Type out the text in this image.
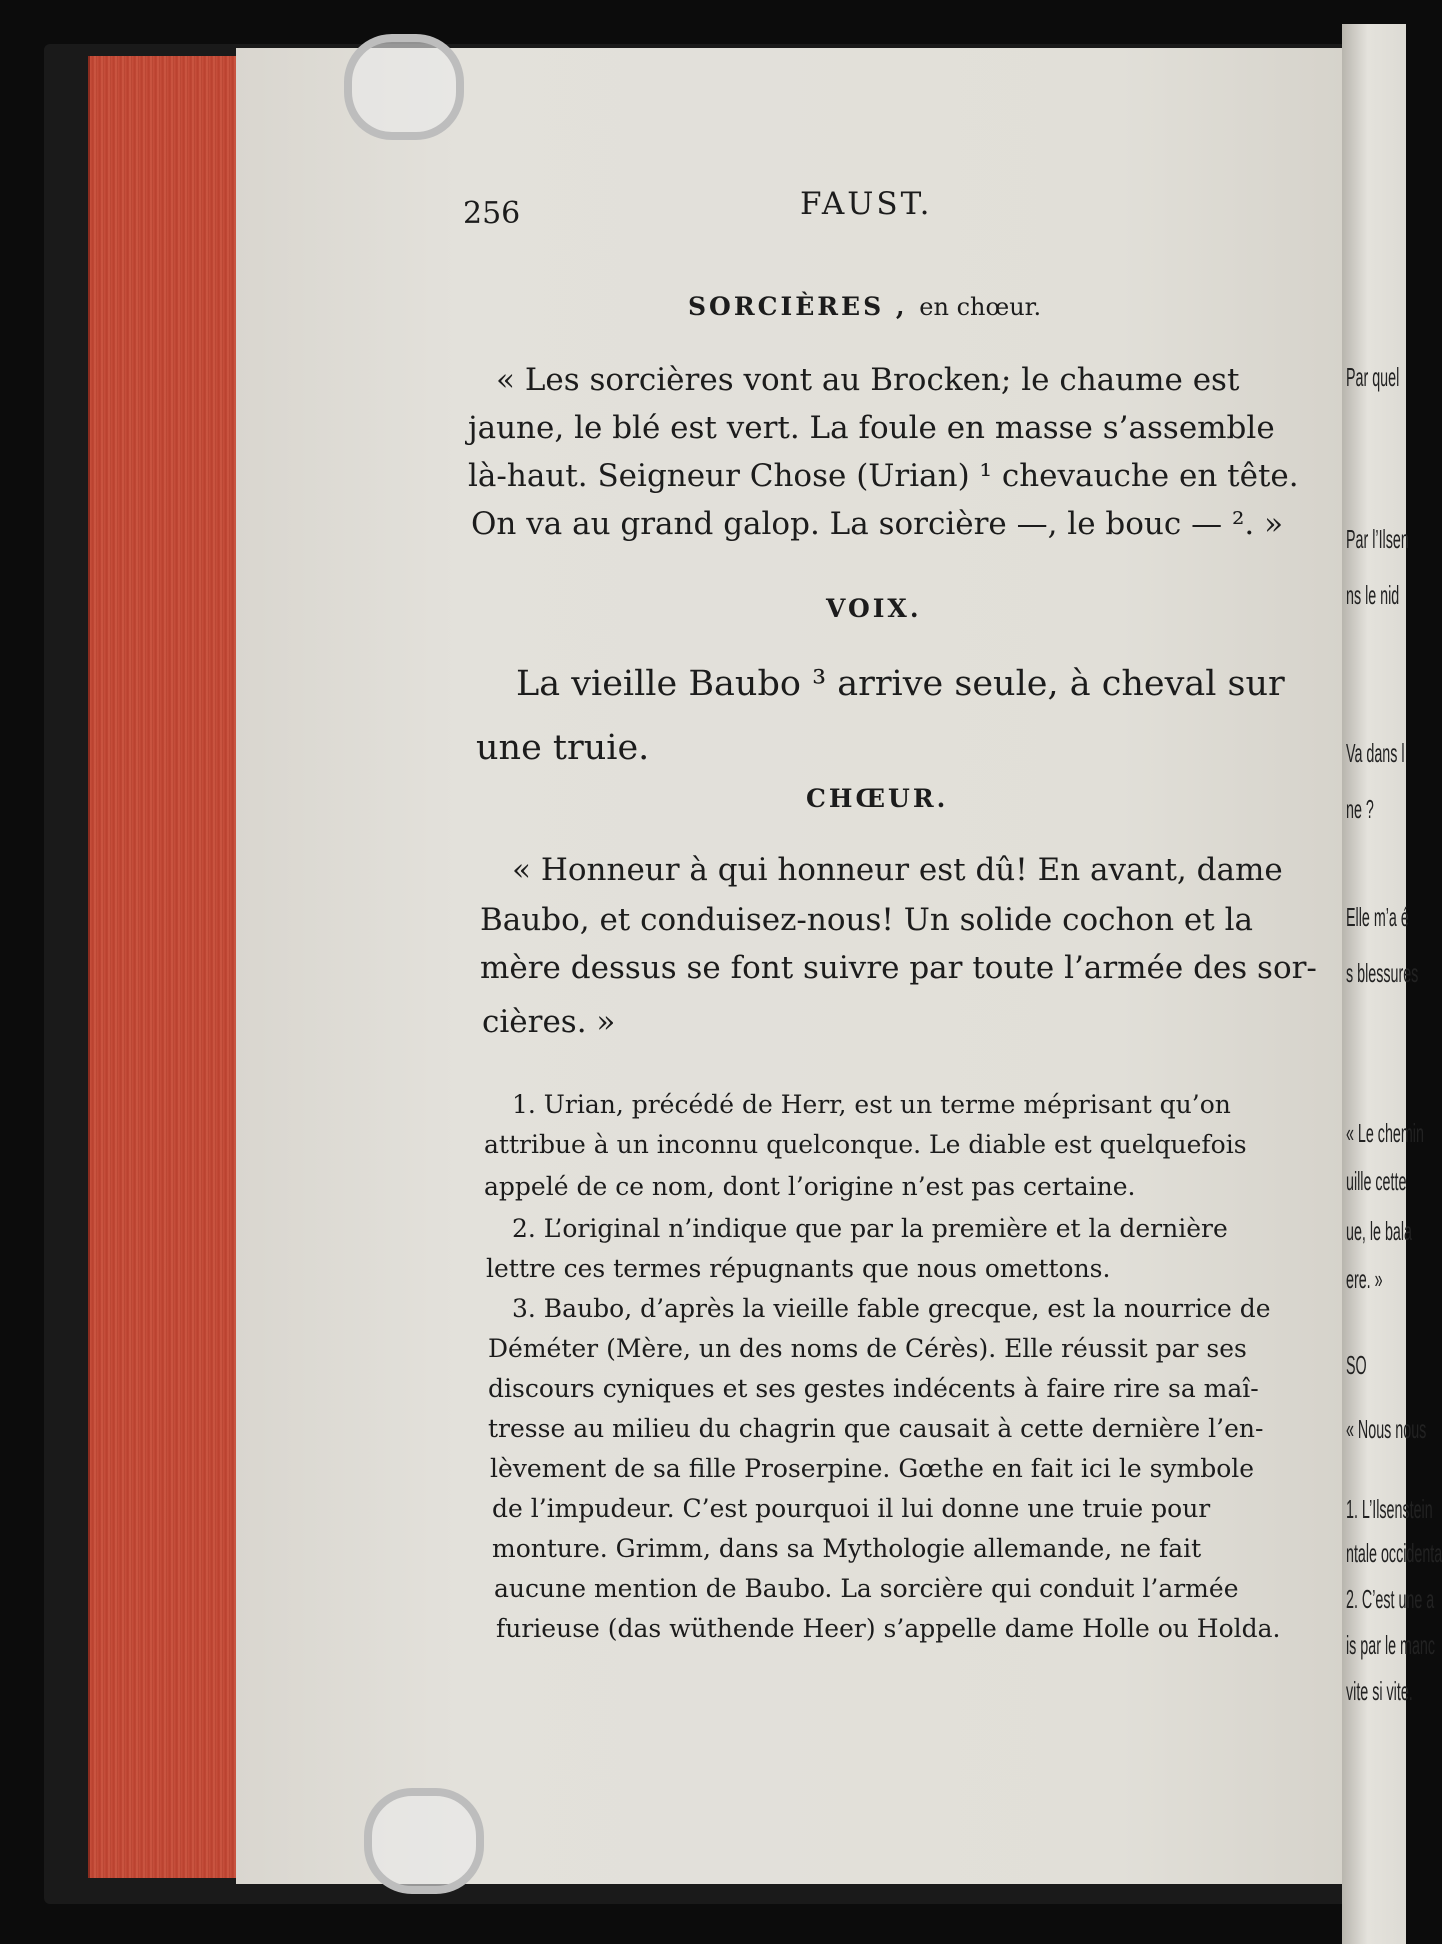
256	FAUST.
SORCIÈRES , en chœur.
« Les sorcières vont au Brocken; le chaume est
jaune, le blé est vert. La foule en masse s’assemble
là-haut. Seigneur Chose (Urian) ¹ chevauche en tête.
On va au grand galop. La sorcière —, le bouc — ². »
VOIX.
La vieille Baubo ³ arrive seule, à cheval sur
une truie.
CHŒUR.
« Honneur à qui honneur est dû! En avant, dame
Baubo, et conduisez-nous! Un solide cochon et la
mère dessus se font suivre par toute l’armée des sor-
cières. »
1. Urian, précédé de Herr, est un terme méprisant qu’on
attribue à un inconnu quelconque. Le diable est quelquefois
appelé de ce nom, dont l’origine n’est pas certaine.
2. L’original n’indique que par la première et la dernière
lettre ces termes répugnants que nous omettons.
3. Baubo, d’après la vieille fable grecque, est la nourrice de
Déméter (Mère, un des noms de Cérès). Elle réussit par ses
discours cyniques et ses gestes indécents à faire rire sa maî-
tresse au milieu du chagrin que causait à cette dernière l’en-
lèvement de sa fille Proserpine. Gœthe en fait ici le symbole
de l’impudeur. C’est pourquoi il lui donne une truie pour
monture. Grimm, dans sa Mythologie allemande, ne fait
aucune mention de Baubo. La sorcière qui conduit l’armée
furieuse (das wüthende Heer) s’appelle dame Holle ou Holda.
Par quel
Par l’Ilsen
ns le nid
Va dans l
ne ?
Elle m’a é
s blessures
« Le chemin
uille cette
ue, le bala
ere. »
SO
« Nous nous
1. L’Ilsenstein
ntale occidenta
2. C’est une a
is par le manc
vite si vite.
